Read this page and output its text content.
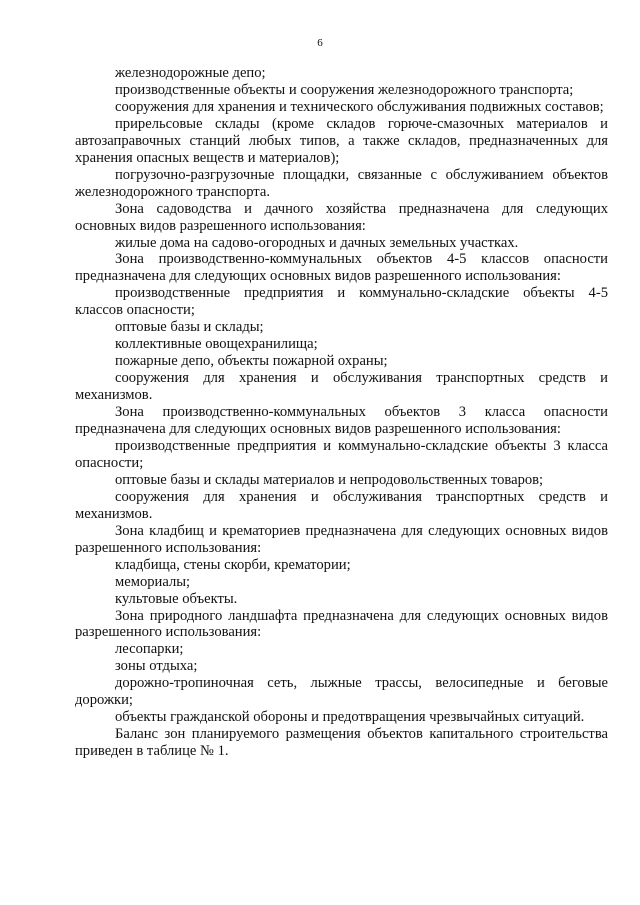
6

железнодорожные депо;

производственные объекты и сооружения железнодорожного транспорта;

сооружения для хранения и технического обслуживания подвижных составов;

прирельсовые склады (кроме складов горюче-смазочных материалов и автозаправочных станций любых типов, а также складов, предназначенных для хранения опасных веществ и материалов);

погрузочно-разгрузочные площадки, связанные с обслуживанием объектов железнодорожного транспорта.

Зона садоводства и дачного хозяйства предназначена для следующих основных видов разрешенного использования:

жилые дома на садово-огородных и дачных земельных участках.

Зона производственно-коммунальных объектов 4-5 классов опасности предназначена для следующих основных видов разрешенного использования:

производственные предприятия и коммунально-складские объекты 4-5 классов опасности;

оптовые базы и склады;

коллективные овощехранилища;

пожарные депо, объекты пожарной охраны;

сооружения для хранения и обслуживания транспортных средств и механизмов.

Зона производственно-коммунальных объектов 3 класса опасности предназначена для следующих основных видов разрешенного использования:

производственные предприятия и коммунально-складские объекты 3 класса опасности;

оптовые базы и склады материалов и непродовольственных товаров;

сооружения для хранения и обслуживания транспортных средств и механизмов.

Зона кладбищ и крематориев предназначена для следующих основных видов разрешенного использования:

кладбища, стены скорби, крематории;

мемориалы;

культовые объекты.

Зона природного ландшафта предназначена для следующих основных видов разрешенного использования:

лесопарки;

зоны отдыха;

дорожно-тропиночная сеть, лыжные трассы, велосипедные и беговые дорожки;

объекты гражданской обороны и предотвращения чрезвычайных ситуаций.

Баланс зон планируемого размещения объектов капитального строительства приведен в таблице № 1.
